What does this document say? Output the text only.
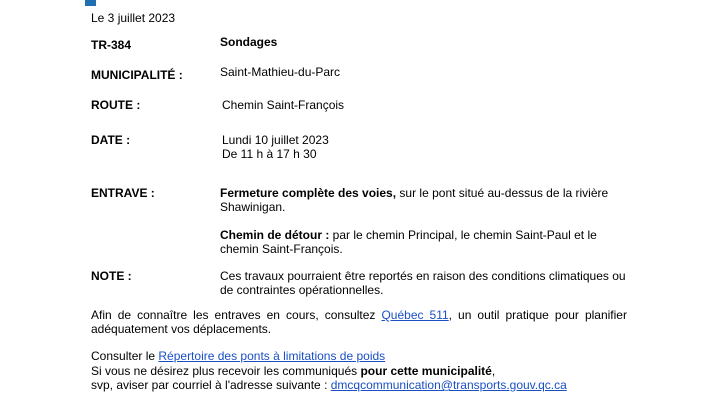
Le 3 juillet 2023
TR-384	Sondages
MUNICIPALITÉ :	Saint-Mathieu-du-Parc
ROUTE :	Chemin Saint-François
DATE :	Lundi 10 juillet 2023
De 11 h à 17 h 30
ENTRAVE :	Fermeture complète des voies, sur le pont situé au-dessus de la rivière
Shawinigan.
Chemin de détour : par le chemin Principal, le chemin Saint-Paul et le
chemin Saint-François.
NOTE :	Ces travaux pourraient être reportés en raison des conditions climatiques ou
de contraintes opérationnelles.
Afin de connaître les entraves en cours, consultez Québec 511, un outil pratique pour planifier
adéquatement vos déplacements.
Consulter le Répertoire des ponts à limitations de poids
Si vous ne désirez plus recevoir les communiqués pour cette municipalité,
svp, aviser par courriel à l'adresse suivante : dmcqcommunication@transports.gouv.qc.ca
